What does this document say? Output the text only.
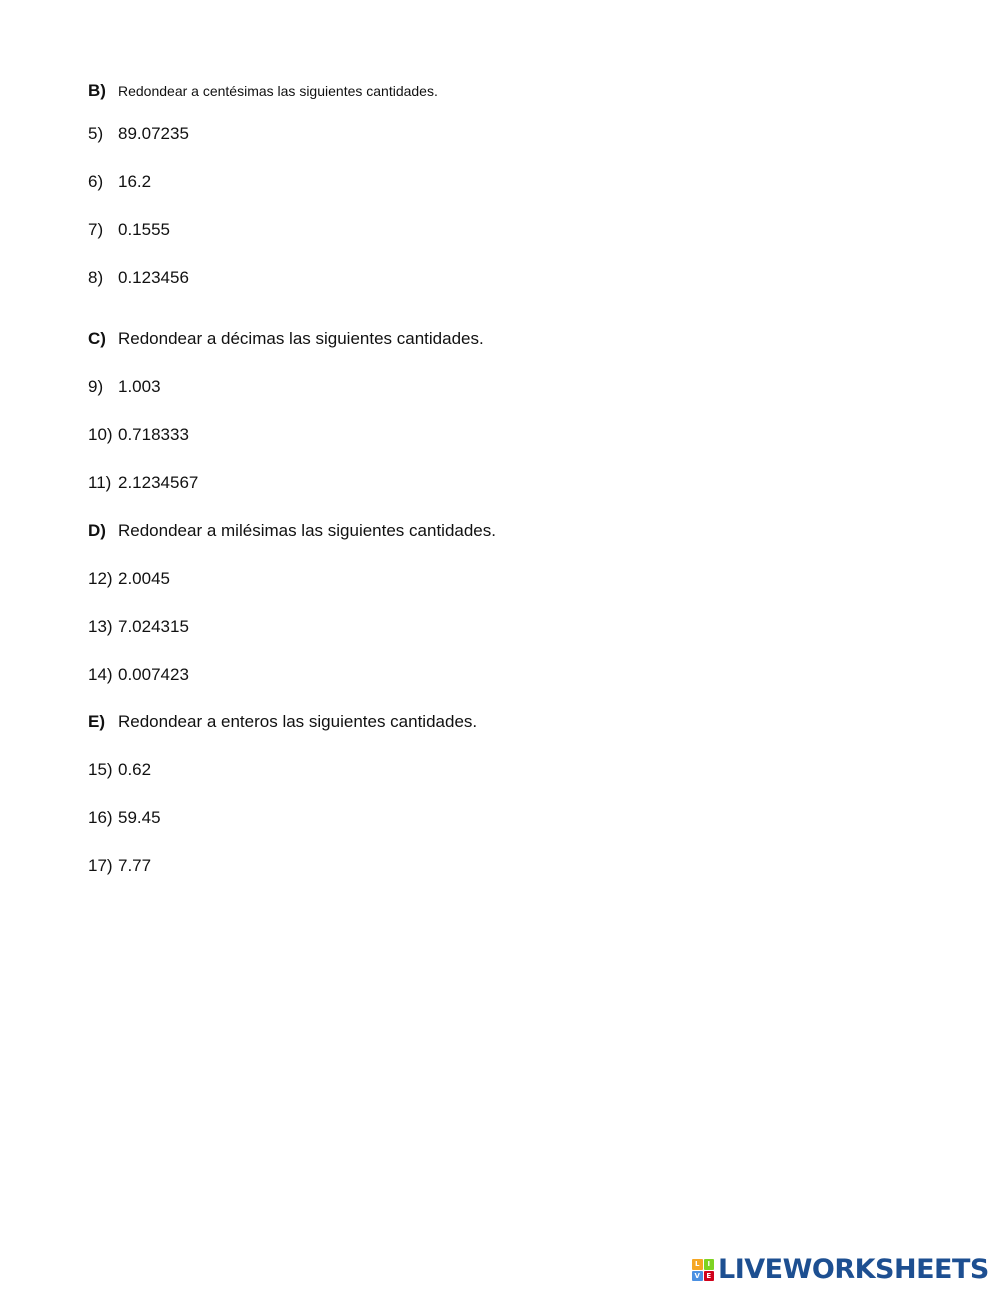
B) Redondear a centésimas las siguientes cantidades.
5) 89.07235
6) 16.2
7) 0.1555
8) 0.123456
C) Redondear a décimas las siguientes cantidades.
9) 1.003
10) 0.718333
11) 2.1234567
D) Redondear a milésimas las siguientes cantidades.
12) 2.0045
13) 7.024315
14) 0.007423
E) Redondear a enteros las siguientes cantidades.
15) 0.62
16) 59.45
17) 7.77
L	I
V E LIVEWORKSHEETS
